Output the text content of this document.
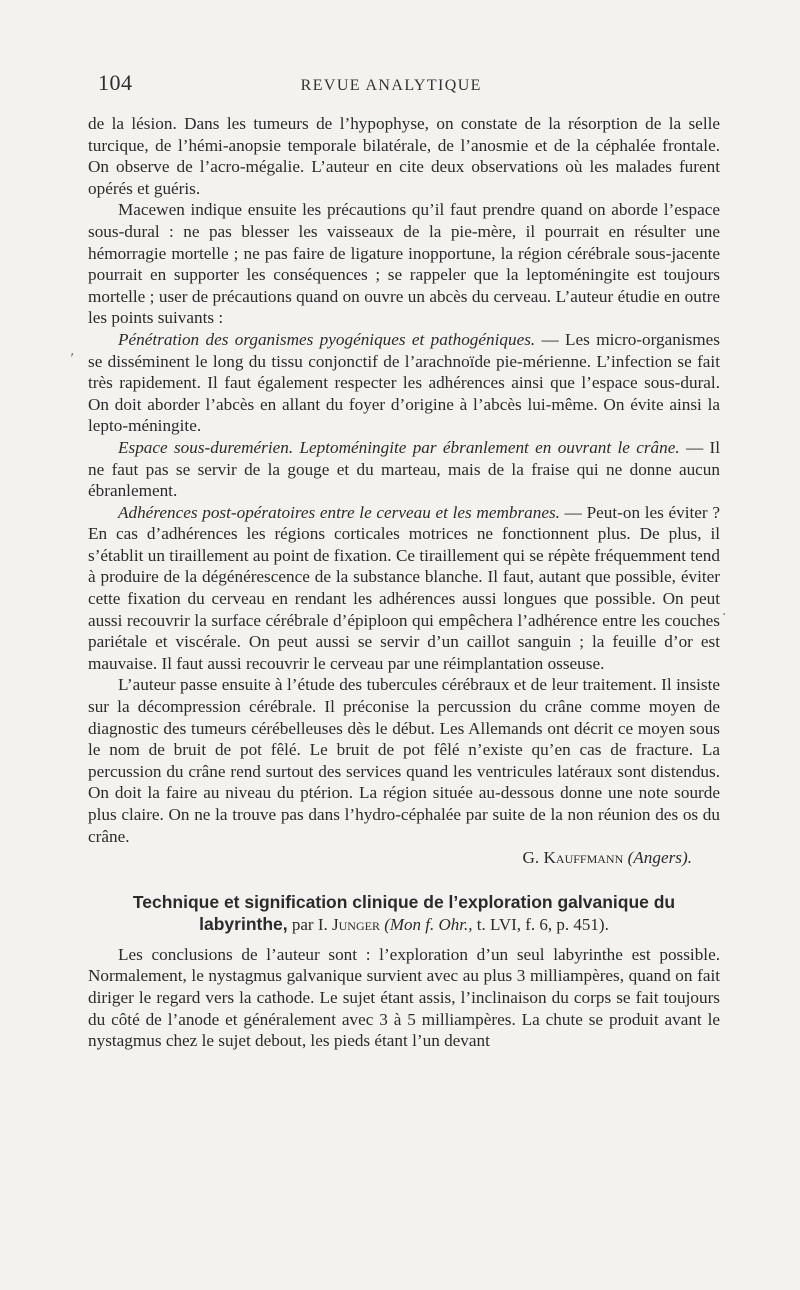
104	REVUE ANALYTIQUE

de la lésion. Dans les tumeurs de l’hypophyse, on constate de la résorption de la selle turcique, de l’hémi-anopsie temporale bilatérale, de l’anosmie et de la céphalée frontale. On observe de l’acro-mégalie. L’auteur en cite deux observations où les malades furent opérés et guéris.

Macewen indique ensuite les précautions qu’il faut prendre quand on aborde l’espace sous-dural : ne pas blesser les vaisseaux de la pie-mère, il pourrait en résulter une hémorragie mortelle ; ne pas faire de ligature inopportune, la région cérébrale sous-jacente pourrait en supporter les conséquences ; se rappeler que la leptoméningite est toujours mortelle ; user de précautions quand on ouvre un abcès du cerveau. L’auteur étudie en outre les points suivants :

Pénétration des organismes pyogéniques et pathogéniques. — Les micro-organismes se disséminent le long du tissu conjonctif de l’arachnoïde pie-mérienne. L’infection se fait très rapidement. Il faut également respecter les adhérences ainsi que l’espace sous-dural. On doit aborder l’abcès en allant du foyer d’origine à l’abcès lui-même. On évite ainsi la lepto-méningite.

Espace sous-duremérien. Leptoméningite par ébranlement en ouvrant le crâne. — Il ne faut pas se servir de la gouge et du marteau, mais de la fraise qui ne donne aucun ébranlement.

Adhérences post-opératoires entre le cerveau et les membranes. — Peut-on les éviter ? En cas d’adhérences les régions corticales motrices ne fonctionnent plus. De plus, il s’établit un tiraillement au point de fixation. Ce tiraillement qui se répète fréquemment tend à produire de la dégénérescence de la substance blanche. Il faut, autant que possible, éviter cette fixation du cerveau en rendant les adhérences aussi longues que possible. On peut aussi recouvrir la surface cérébrale d’épiploon qui empêchera l’adhérence entre les couches pariétale et viscérale. On peut aussi se servir d’un caillot sanguin ; la feuille d’or est mauvaise. Il faut aussi recouvrir le cerveau par une réimplantation osseuse.

L’auteur passe ensuite à l’étude des tubercules cérébraux et de leur traitement. Il insiste sur la décompression cérébrale. Il préconise la percussion du crâne comme moyen de diagnostic des tumeurs cérébelleuses dès le début. Les Allemands ont décrit ce moyen sous le nom de bruit de pot fêlé. Le bruit de pot fêlé n’existe qu’en cas de fracture. La percussion du crâne rend surtout des services quand les ventricules latéraux sont distendus. On doit la faire au niveau du ptérion. La région située au-dessous donne une note sourde plus claire. On ne la trouve pas dans l’hydro-céphalée par suite de la non réunion des os du crâne.

G. Kauffmann (Angers).

Technique et signification clinique de l’exploration galvanique du labyrinthe, par I. Junger (Mon f. Ohr., t. LVI, f. 6, p. 451).

Les conclusions de l’auteur sont : l’exploration d’un seul labyrinthe est possible. Normalement, le nystagmus galvanique survient avec au plus 3 milliampères, quand on fait diriger le regard vers la cathode. Le sujet étant assis, l’inclinaison du corps se fait toujours du côté de l’anode et généralement avec 3 à 5 milliampères. La chute se produit avant le nystagmus chez le sujet debout, les pieds étant l’un devant

,
.
